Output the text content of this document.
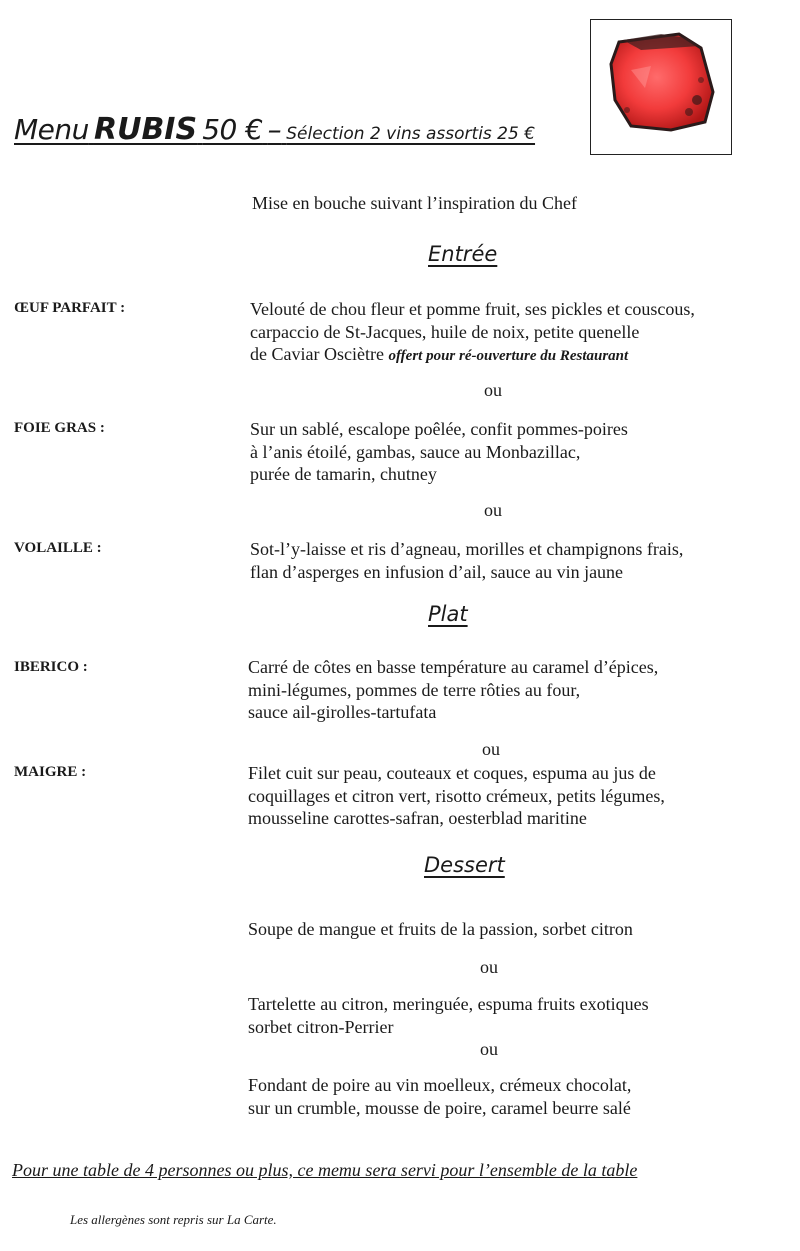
Menu RUBIS 50 € – Sélection 2 vins assortis 25 €
Mise en bouche suivant l’inspiration du Chef
Entrée
ŒUF PARFAIT :	Velouté de chou fleur et pomme fruit, ses pickles et couscous,
carpaccio de St-Jacques, huile de noix, petite quenelle
de Caviar Osciètre offert pour ré-ouverture du Restaurant
ou
FOIE GRAS :	Sur un sablé, escalope poêlée, confit pommes-poires
à l’anis étoilé, gambas, sauce au Monbazillac,
purée de tamarin, chutney
ou
VOLAILLE :	Sot-l’y-laisse et ris d’agneau, morilles et champignons frais,
flan d’asperges en infusion d’ail, sauce au vin jaune
Plat
IBERICO :	Carré de côtes en basse température au caramel d’épices,
mini-légumes, pommes de terre rôties au four,
sauce ail-girolles-tartufata
ou
MAIGRE :	Filet cuit sur peau, couteaux et coques, espuma au jus de
coquillages et citron vert, risotto crémeux, petits légumes,
mousseline carottes-safran, oesterblad maritine
Dessert
Soupe de mangue et fruits de la passion, sorbet citron
ou
Tartelette au citron, meringuée, espuma fruits exotiques
sorbet citron-Perrier
ou
Fondant de poire au vin moelleux, crémeux chocolat,
sur un crumble, mousse de poire, caramel beurre salé
Pour une table de 4 personnes ou plus, ce memu sera servi pour l’ensemble de la table
Les allergènes sont repris sur La Carte.
